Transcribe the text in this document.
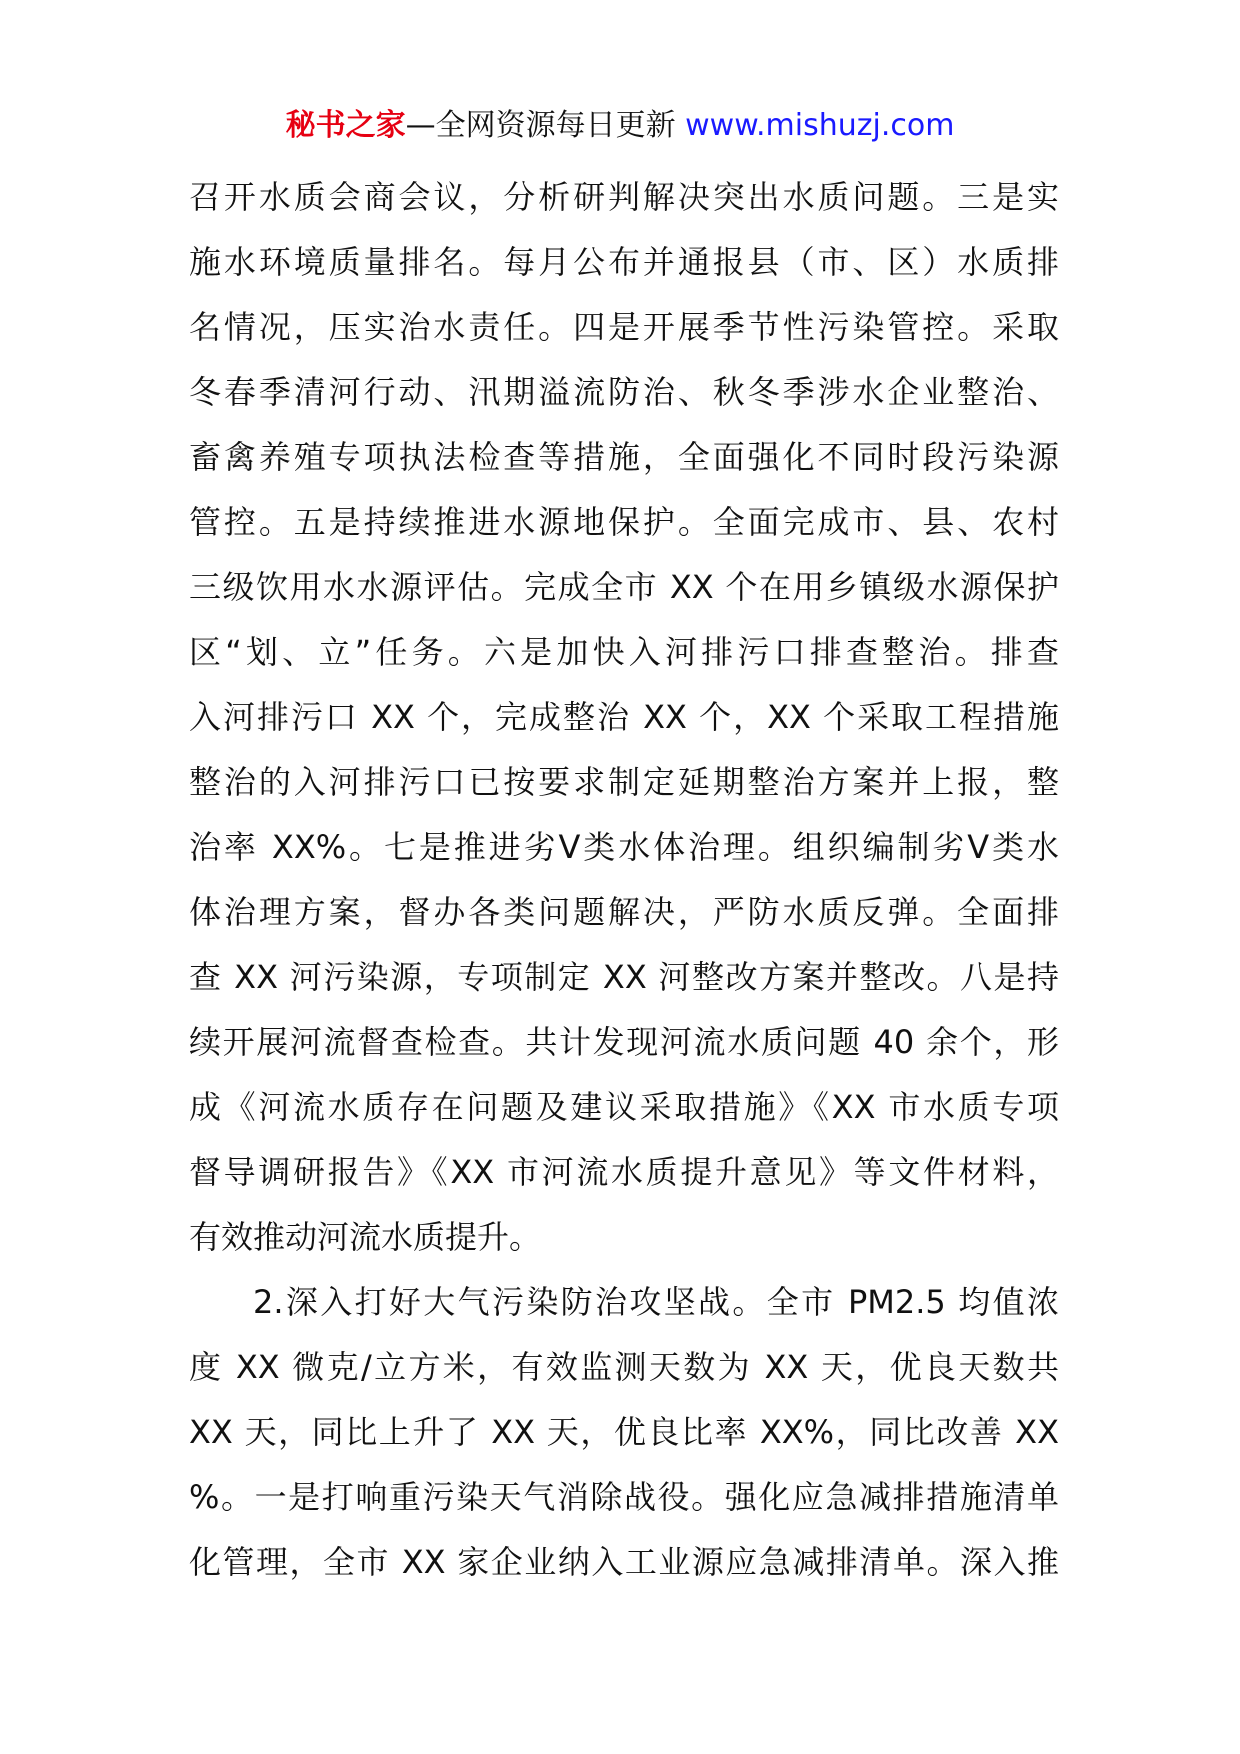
秘书之家—全网资源每日更新 www.mishuzj.com
召开水质会商会议，分析研判解决突出水质问题。三是实
施水环境质量排名。每月公布并通报县（市、区）水质排
名情况，压实治水责任。四是开展季节性污染管控。采取
冬春季清河行动、汛期溢流防治、秋冬季涉水企业整治、
畜禽养殖专项执法检查等措施，全面强化不同时段污染源
管控。五是持续推进水源地保护。全面完成市、县、农村
三级饮用水水源评估。完成全市 XX 个在用乡镇级水源保护
区“划、立”任务。六是加快入河排污口排查整治。排查
入河排污口 XX 个，完成整治 XX 个，XX 个采取工程措施
整治的入河排污口已按要求制定延期整治方案并上报，整
治率 XX%。七是推进劣Ⅴ类水体治理。组织编制劣Ⅴ类水
体治理方案，督办各类问题解决，严防水质反弹。全面排
查 XX 河污染源，专项制定 XX 河整改方案并整改。八是持
续开展河流督查检查。共计发现河流水质问题 40 余个，形
成《河流水质存在问题及建议采取措施》《XX 市水质专项
督导调研报告》《XX 市河流水质提升意见》等文件材料，
有效推动河流水质提升。
2.深入打好大气污染防治攻坚战。全市 PM2.5 均值浓
度 XX 微克/立方米，有效监测天数为 XX 天，优良天数共
XX 天，同比上升了 XX 天，优良比率 XX%，同比改善 XX
%。一是打响重污染天气消除战役。强化应急减排措施清单
化管理，全市 XX 家企业纳入工业源应急减排清单。深入推
